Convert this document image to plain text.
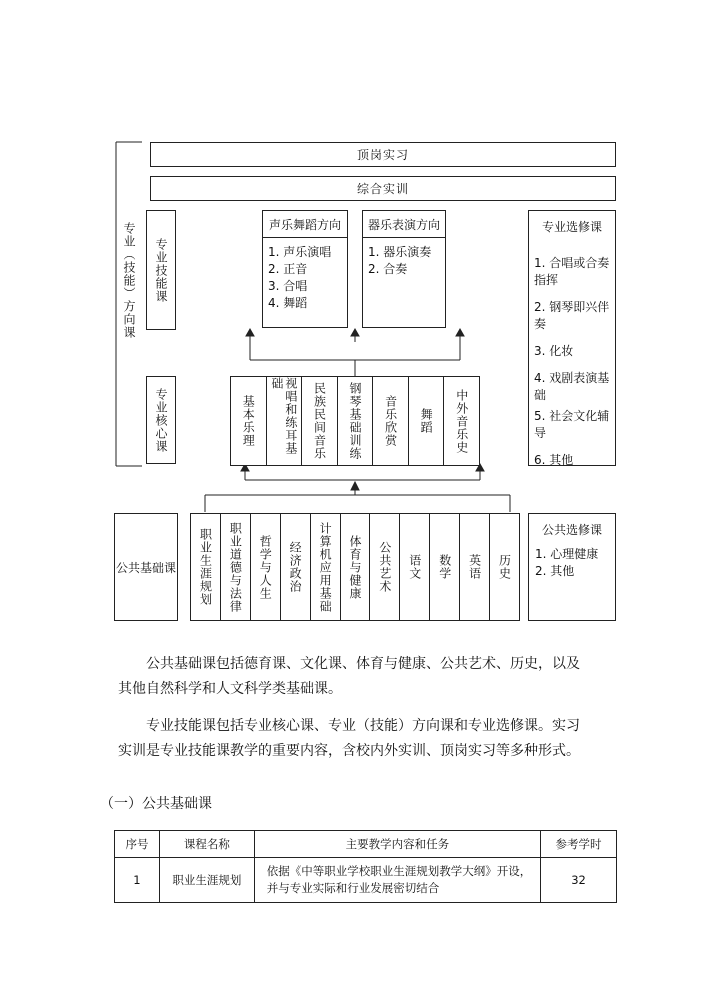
顶岗实习
综合实训
专业（技能）方向课 专业技能课
声乐舞蹈方向
1. 声乐演唱
2. 正音
3. 合唱
4. 舞蹈
器乐表演方向
1. 器乐演奏
2. 合奏
专业选修课
1. 合唱或合奏指挥
2. 钢琴即兴伴奏
3. 化妆
4. 戏剧表演基础
5. 社会文化辅导
6. 其他
专业核心课	基本乐理	视唱和练耳基础	民族民间音乐 钢琴基础训练 音乐欣赏 舞蹈 中外音乐史
公共基础课 职业生涯规划 职业道德与法律 哲学与人生 经济政治 计算机应用基础 体育与健康 公共艺术 语文 数学 英语 历史
公共选修课
1. 心理健康
2. 其他

公共基础课包括德育课、文化课、体育与健康、公共艺术、历史，以及其他自然科学和人文科学类基础课。

专业技能课包括专业核心课、专业（技能）方向课和专业选修课。实习实训是专业技能课教学的重要内容，含校内外实训、顶岗实习等多种形式。

（一）公共基础课
序号	课程名称	主要教学内容和任务	参考学时
1	职业生涯规划	依据《中等职业学校职业生涯规划教学大纲》开设，并与专业实际和行业发展密切结合	32
